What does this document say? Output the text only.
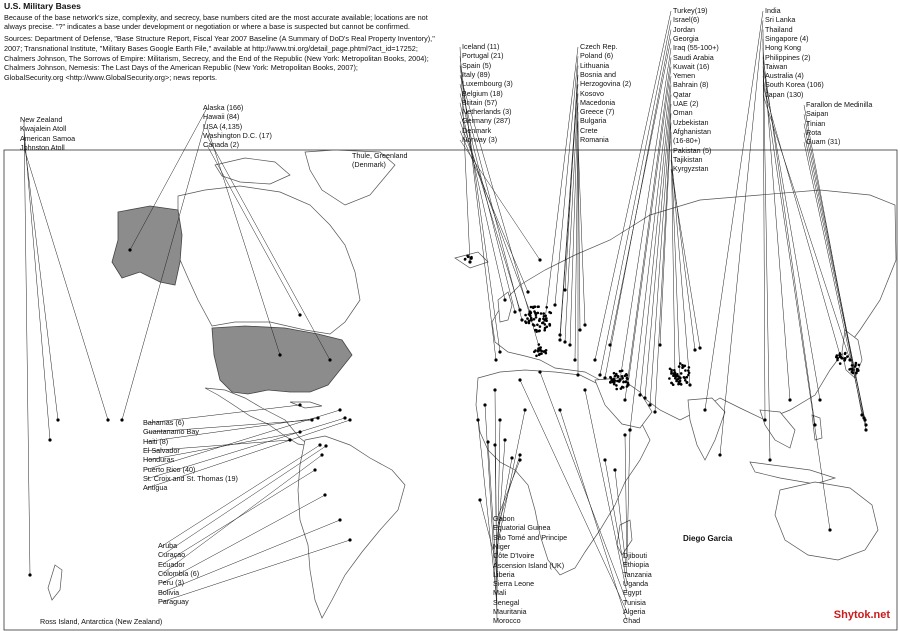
U.S. Military Bases
Because of the base network's size, complexity, and secrecy, base numbers cited are the most accurate available; locations are not always precise. "?" indicates a base under development or negotiation or where a base is suspected but cannot be confirmed.
Sources: Department of Defense, "Base Structure Report, Fiscal Year 2007 Baseline (A Summary of DoD's Real Property Inventory),"
2007; Transnational Institute, "Military Bases Google Earth File," available at http://www.tni.org/detail_page.phtml?act_id=17252;
Chalmers Johnson, The Sorrows of Empire: Militarism, Secrecy, and the End of the Republic (New York: Metropolitan Books, 2004);
Chalmers Johnson, Nemesis: The Last Days of the American Republic (New York: Metropolitan Books, 2007);
GlobalSecurity.org <http://www.GlobalSecurity.org>; news reports.
New Zealand
Kwajalein Atoll
American Samoa
Johnston Atoll
Alaska (166)
Hawaii (84)
USA (4,135)
Washington D.C. (17)
Canada (2)
Bahamas (6)
Guantanamo Bay
Haiti (8)
El Salvador
Honduras
Puerto Rico (40)
St. Croix and St. Thomas (19)
Antigua
Aruba
Curaçao
Ecuador
Colombia (6)
Peru (3)
Bolivia
Paraguay
Iceland (11)
Portugal (21)
Spain (5)
Italy (89)
Luxembourg (3)
Belgium (18)
Britain (57)
Netherlands (3)
Germany (287)
Denmark
Norway (3)
Czech Rep.
Poland (6)
Lithuania
Bosnia and
Herzogovina (2)
Kosovo
Macedonia
Greece (7)
Bulgaria
Crete
Romania
Turkey(19)
Israel(6)
Jordan
Georgia
Iraq (55-100+)
Saudi Arabia
Kuwait (16)
Yemen
Bahrain (8)
Qatar
UAE (2)
Oman
Uzbekistan
Afghanistan
(16-80+)
Pakistan (5)
Tajikistan
Kyrgyzstan
India
Sri Lanka
Thailand
Singapore (4)
Hong Kong
Philippines (2)
Taiwan
Australia (4)
South Korea (106)
Japan (130)
Farallon de Medinilla
Saipan
Tinian
Rota
Guam (31)
Gabon
Equatorial Guinea
São Tomé and Principe
Niger
Côte D'Ivoire
Ascension Island (UK)
Liberia
Sierra Leone
Mali
Senegal
Mauritania
Morocco
Djibouti
Ethiopia
Tanzania
Uganda
Egypt
Tunisia
Algeria
Chad
Diego Garcia
Thule, Greenland (Denmark)
Ross Island, Antarctica (New Zealand)
Shytok.net
